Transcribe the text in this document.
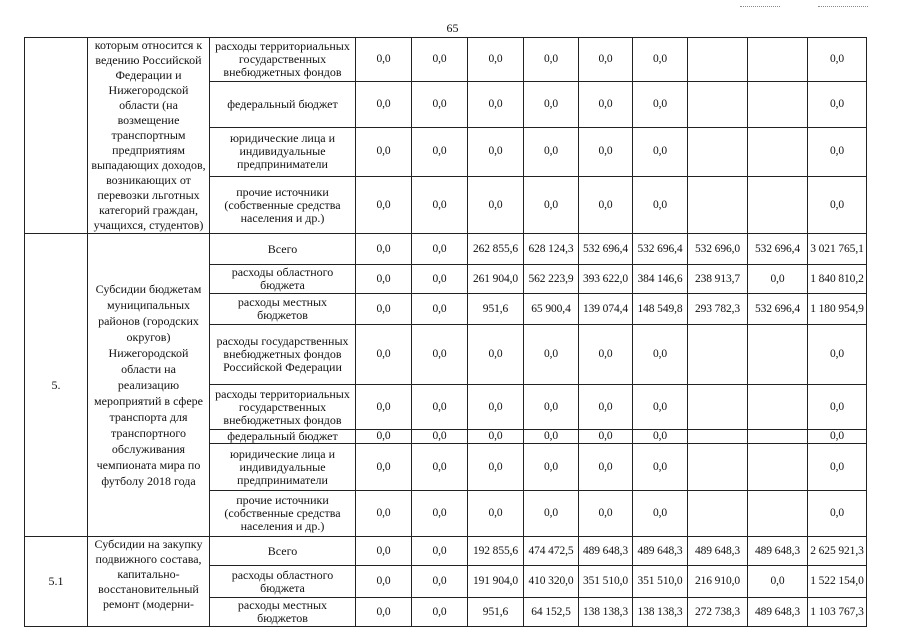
65
	которым относится к ведению Российской Федерации и Нижегородской области (на возмещение транспортным предприятиям выпадающих доходов, возникающих от перевозки льготных категорий граждан, учащихся, студентов)	расходы территориальных государственных внебюджетных фондов	0,0	0,0	0,0	0,0	0,0	0,0			0,0
		федеральный бюджет	0,0	0,0	0,0	0,0	0,0	0,0			0,0
		юридические лица и индивидуальные предприниматели	0,0	0,0	0,0	0,0	0,0	0,0			0,0
		прочие источники (собственные средства населения и др.)	0,0	0,0	0,0	0,0	0,0	0,0			0,0
5.	Субсидии бюджетам муниципальных районов (городских округов) Нижегородской области на реализацию мероприятий в сфере транспорта для транспортного обслуживания чемпионата мира по футболу 2018 года	Всего	0,0	0,0	262 855,6	628 124,3	532 696,4	532 696,4	532 696,0	532 696,4	3 021 765,1
		расходы областного бюджета	0,0	0,0	261 904,0	562 223,9	393 622,0	384 146,6	238 913,7	0,0	1 840 810,2
		расходы местных бюджетов	0,0	0,0	951,6	65 900,4	139 074,4	148 549,8	293 782,3	532 696,4	1 180 954,9
		расходы государственных внебюджетных фондов Российской Федерации	0,0	0,0	0,0	0,0	0,0	0,0			0,0
		расходы территориальных государственных внебюджетных фондов	0,0	0,0	0,0	0,0	0,0	0,0			0,0
		федеральный бюджет	0,0	0,0	0,0	0,0	0,0	0,0			0,0
		юридические лица и индивидуальные предприниматели	0,0	0,0	0,0	0,0	0,0	0,0			0,0
		прочие источники (собственные средства населения и др.)	0,0	0,0	0,0	0,0	0,0	0,0			0,0
5.1	Субсидии на закупку подвижного состава, капитально-восстановительный ремонт (модерни-	Всего	0,0	0,0	192 855,6	474 472,5	489 648,3	489 648,3	489 648,3	489 648,3	2 625 921,3
		расходы областного бюджета	0,0	0,0	191 904,0	410 320,0	351 510,0	351 510,0	216 910,0	0,0	1 522 154,0
		расходы местных бюджетов	0,0	0,0	951,6	64 152,5	138 138,3	138 138,3	272 738,3	489 648,3	1 103 767,3
